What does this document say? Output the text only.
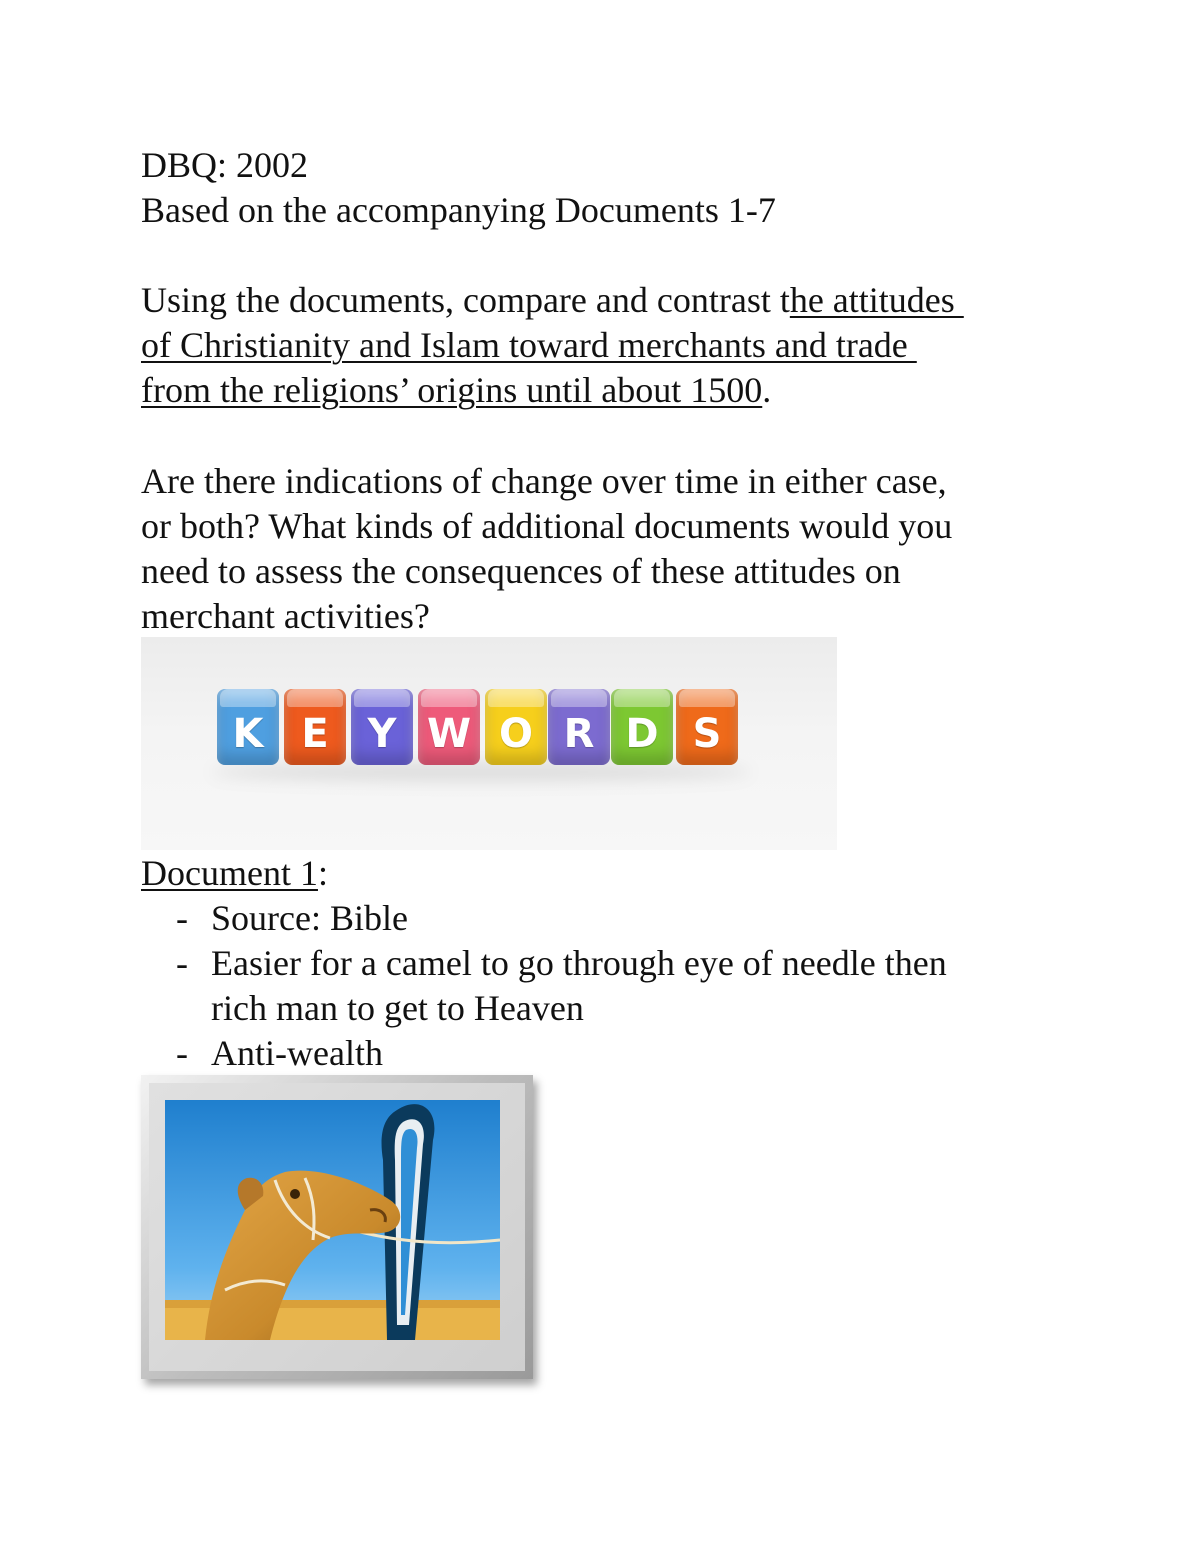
DBQ: 2002
Based on the accompanying Documents 1-7
Using the documents, compare and contrast the attitudes
of Christianity and Islam toward merchants and trade
from the religions’ origins until about 1500.
Are there indications of change over time in either case,
or both? What kinds of additional documents would you
need to assess the consequences of these attitudes on
merchant activities?
K E Y W O R D S
Document 1:
- Source: Bible
- Easier for a camel to go through eye of needle then
rich man to get to Heaven
- Anti-wealth
